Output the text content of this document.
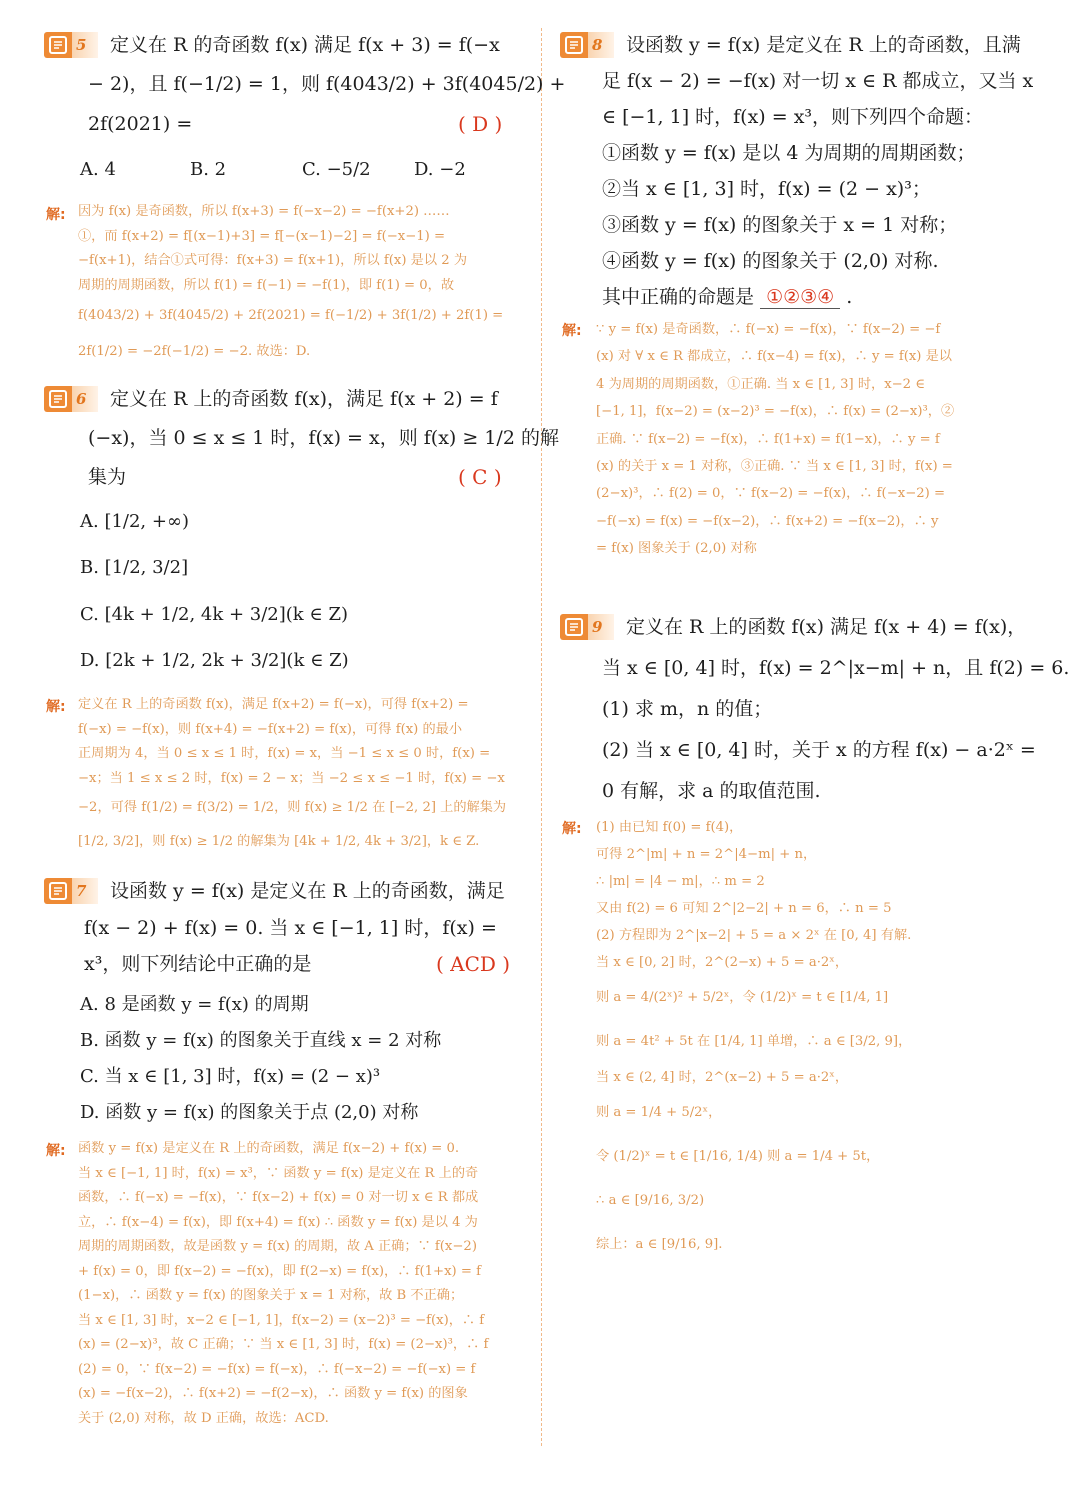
5	定义在 R 的奇函数 f(x) 满足 f(x + 3) = f(−x
− 2)，且 f(−1/2) = 1，则 f(4043/2) + 3f(4045/2) +
2f(2021) =	( D )
A. 4	B. 2	C. −5/2 D. −2
解: 因为 f(x) 是奇函数，所以 f(x+3) = f(−x−2) = −f(x+2) ……
①，而 f(x+2) = f[(x−1)+3] = f[−(x−1)−2] = f(−x−1) =
−f(x+1)，结合①式可得：f(x+3) = f(x+1)，所以 f(x) 是以 2 为
周期的周期函数，所以 f(1) = f(−1) = −f(1)，即 f(1) = 0，故
f(4043/2) + 3f(4045/2) + 2f(2021) = f(−1/2) + 3f(1/2) + 2f(1) =
2f(1/2) = −2f(−1/2) = −2. 故选：D.
6	定义在 R 上的奇函数 f(x)，满足 f(x + 2) = f
(−x)，当 0 ≤ x ≤ 1 时，f(x) = x，则 f(x) ≥ 1/2 的解
集为	( C )
A. [1/2, +∞)
B. [1/2, 3/2]
C. [4k + 1/2, 4k + 3/2](k ∈ Z)
D. [2k + 1/2, 2k + 3/2](k ∈ Z)
解: 定义在 R 上的奇函数 f(x)，满足 f(x+2) = f(−x)，可得 f(x+2) =
f(−x) = −f(x)，则 f(x+4) = −f(x+2) = f(x)，可得 f(x) 的最小
正周期为 4，当 0 ≤ x ≤ 1 时，f(x) = x，当 −1 ≤ x ≤ 0 时，f(x) =
−x；当 1 ≤ x ≤ 2 时，f(x) = 2 − x；当 −2 ≤ x ≤ −1 时，f(x) = −x
−2，可得 f(1/2) = f(3/2) = 1/2，则 f(x) ≥ 1/2 在 [−2, 2] 上的解集为
[1/2, 3/2]，则 f(x) ≥ 1/2 的解集为 [4k + 1/2, 4k + 3/2]，k ∈ Z.
7	设函数 y = f(x) 是定义在 R 上的奇函数，满足
f(x − 2) + f(x) = 0. 当 x ∈ [−1, 1] 时，f(x) =
x³，则下列结论中正确的是	( ACD )
A. 8 是函数 y = f(x) 的周期
B. 函数 y = f(x) 的图象关于直线 x = 2 对称
C. 当 x ∈ [1, 3] 时，f(x) = (2 − x)³
D. 函数 y = f(x) 的图象关于点 (2,0) 对称
解: 函数 y = f(x) 是定义在 R 上的奇函数，满足 f(x−2) + f(x) = 0.
当 x ∈ [−1, 1] 时，f(x) = x³，∵ 函数 y = f(x) 是定义在 R 上的奇
函数，∴ f(−x) = −f(x)，∵ f(x−2) + f(x) = 0 对一切 x ∈ R 都成
立，∴ f(x−4) = f(x)，即 f(x+4) = f(x) ∴ 函数 y = f(x) 是以 4 为
周期的周期函数，故是函数 y = f(x) 的周期，故 A 正确；∵ f(x−2)
+ f(x) = 0，即 f(x−2) = −f(x)，即 f(2−x) = f(x)，∴ f(1+x) = f
(1−x)，∴ 函数 y = f(x) 的图象关于 x = 1 对称，故 B 不正确；
当 x ∈ [1, 3] 时，x−2 ∈ [−1, 1]，f(x−2) = (x−2)³ = −f(x)，∴ f
(x) = (2−x)³，故 C 正确；∵ 当 x ∈ [1, 3] 时，f(x) = (2−x)³，∴ f
(2) = 0，∵ f(x−2) = −f(x) = f(−x)，∴ f(−x−2) = −f(−x) = f
(x) = −f(x−2)，∴ f(x+2) = −f(2−x)，∴ 函数 y = f(x) 的图象
关于 (2,0) 对称，故 D 正确，故选：ACD.
8	设函数 y = f(x) 是定义在 R 上的奇函数，且满
足 f(x − 2) = −f(x) 对一切 x ∈ R 都成立，又当 x
∈ [−1, 1] 时，f(x) = x³，则下列四个命题：
①函数 y = f(x) 是以 4 为周期的周期函数；
②当 x ∈ [1, 3] 时，f(x) = (2 − x)³；
③函数 y = f(x) 的图象关于 x = 1 对称；
④函数 y = f(x) 的图象关于 (2,0) 对称.
其中正确的命题是 ①②③④ .
解: ∵ y = f(x) 是奇函数，∴ f(−x) = −f(x)，∵ f(x−2) = −f
(x) 对 ∀ x ∈ R 都成立，∴ f(x−4) = f(x)，∴ y = f(x) 是以
4 为周期的周期函数，①正确. 当 x ∈ [1, 3] 时，x−2 ∈
[−1, 1]，f(x−2) = (x−2)³ = −f(x)，∴ f(x) = (2−x)³，②
正确. ∵ f(x−2) = −f(x)，∴ f(1+x) = f(1−x)，∴ y = f
(x) 的关于 x = 1 对称，③正确. ∵ 当 x ∈ [1, 3] 时，f(x) =
(2−x)³，∴ f(2) = 0，∵ f(x−2) = −f(x)，∴ f(−x−2) =
−f(−x) = f(x) = −f(x−2)，∴ f(x+2) = −f(x−2)，∴ y
= f(x) 图象关于 (2,0) 对称
9	定义在 R 上的函数 f(x) 满足 f(x + 4) = f(x)，
当 x ∈ [0, 4] 时，f(x) = 2^|x−m| + n，且 f(2) = 6.
(1) 求 m，n 的值；
(2) 当 x ∈ [0, 4] 时，关于 x 的方程 f(x) − a·2ˣ =
0 有解，求 a 的取值范围.
解: (1) 由已知 f(0) = f(4)，
可得 2^|m| + n = 2^|4−m| + n，
∴ |m| = |4 − m|，∴ m = 2
又由 f(2) = 6 可知 2^|2−2| + n = 6，∴ n = 5
(2) 方程即为 2^|x−2| + 5 = a × 2ˣ 在 [0, 4] 有解.
当 x ∈ [0, 2] 时，2^(2−x) + 5 = a·2ˣ，
则 a = 4/(2ˣ)² + 5/2ˣ，令 (1/2)ˣ = t ∈ [1/4, 1]
则 a = 4t² + 5t 在 [1/4, 1] 单增，∴ a ∈ [3/2, 9]，
当 x ∈ (2, 4] 时，2^(x−2) + 5 = a·2ˣ，
则 a = 1/4 + 5/2ˣ，
令 (1/2)ˣ = t ∈ [1/16, 1/4) 则 a = 1/4 + 5t，
∴ a ∈ [9/16, 3/2)
综上：a ∈ [9/16, 9].
